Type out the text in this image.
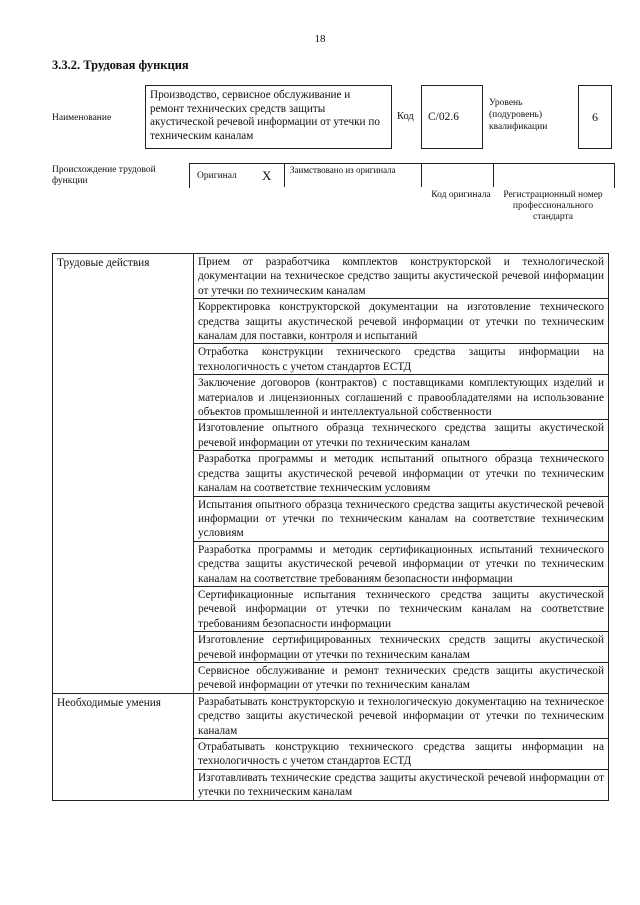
18
3.3.2. Трудовая функция
Наименование
Производство, сервисное обслуживание и ремонт технических средств защиты акустической речевой информации от утечки по техническим каналам
Код	С/02.6
Уровень (подуровень) квалификации
6
Происхождение трудовой функции	Оригинал X Заимствовано из оригинала
Код оригинала	Регистрационный номер профессионального стандарта
Трудовые действия	Прием от разработчика комплектов конструкторской и технологической документации на техническое средство защиты акустической речевой информации от утечки по техническим каналам
	Корректировка конструкторской документации на изготовление технического средства защиты акустической речевой информации от утечки по техническим каналам для поставки, контроля и испытаний
	Отработка конструкции технического средства защиты информации на технологичность с учетом стандартов ЕСТД
	Заключение договоров (контрактов) с поставщиками комплектующих изделий и материалов и лицензионных соглашений с правообладателями на использование объектов промышленной и интеллектуальной собственности
	Изготовление опытного образца технического средства защиты акустической речевой информации от утечки по техническим каналам
	Разработка программы и методик испытаний опытного образца технического средства защиты акустической речевой информации от утечки по техническим каналам на соответствие техническим условиям
	Испытания опытного образца технического средства защиты акустической речевой информации от утечки по техническим каналам на соответствие техническим условиям
	Разработка программы и методик сертификационных испытаний технического средства защиты акустической речевой информации от утечки по техническим каналам на соответствие требованиям безопасности информации
	Сертификационные испытания технического средства защиты акустической речевой информации от утечки по техническим каналам на соответствие требованиям безопасности информации
	Изготовление сертифицированных технических средств защиты акустической речевой информации от утечки по техническим каналам
	Сервисное обслуживание и ремонт технических средств защиты акустической речевой информации от утечки по техническим каналам
Необходимые умения	Разрабатывать конструкторскую и технологическую документацию на техническое средство защиты акустической речевой информации от утечки по техническим каналам
	Отрабатывать конструкцию технического средства защиты информации на технологичность с учетом стандартов ЕСТД
	Изготавливать технические средства защиты акустической речевой информации от утечки по техническим каналам
